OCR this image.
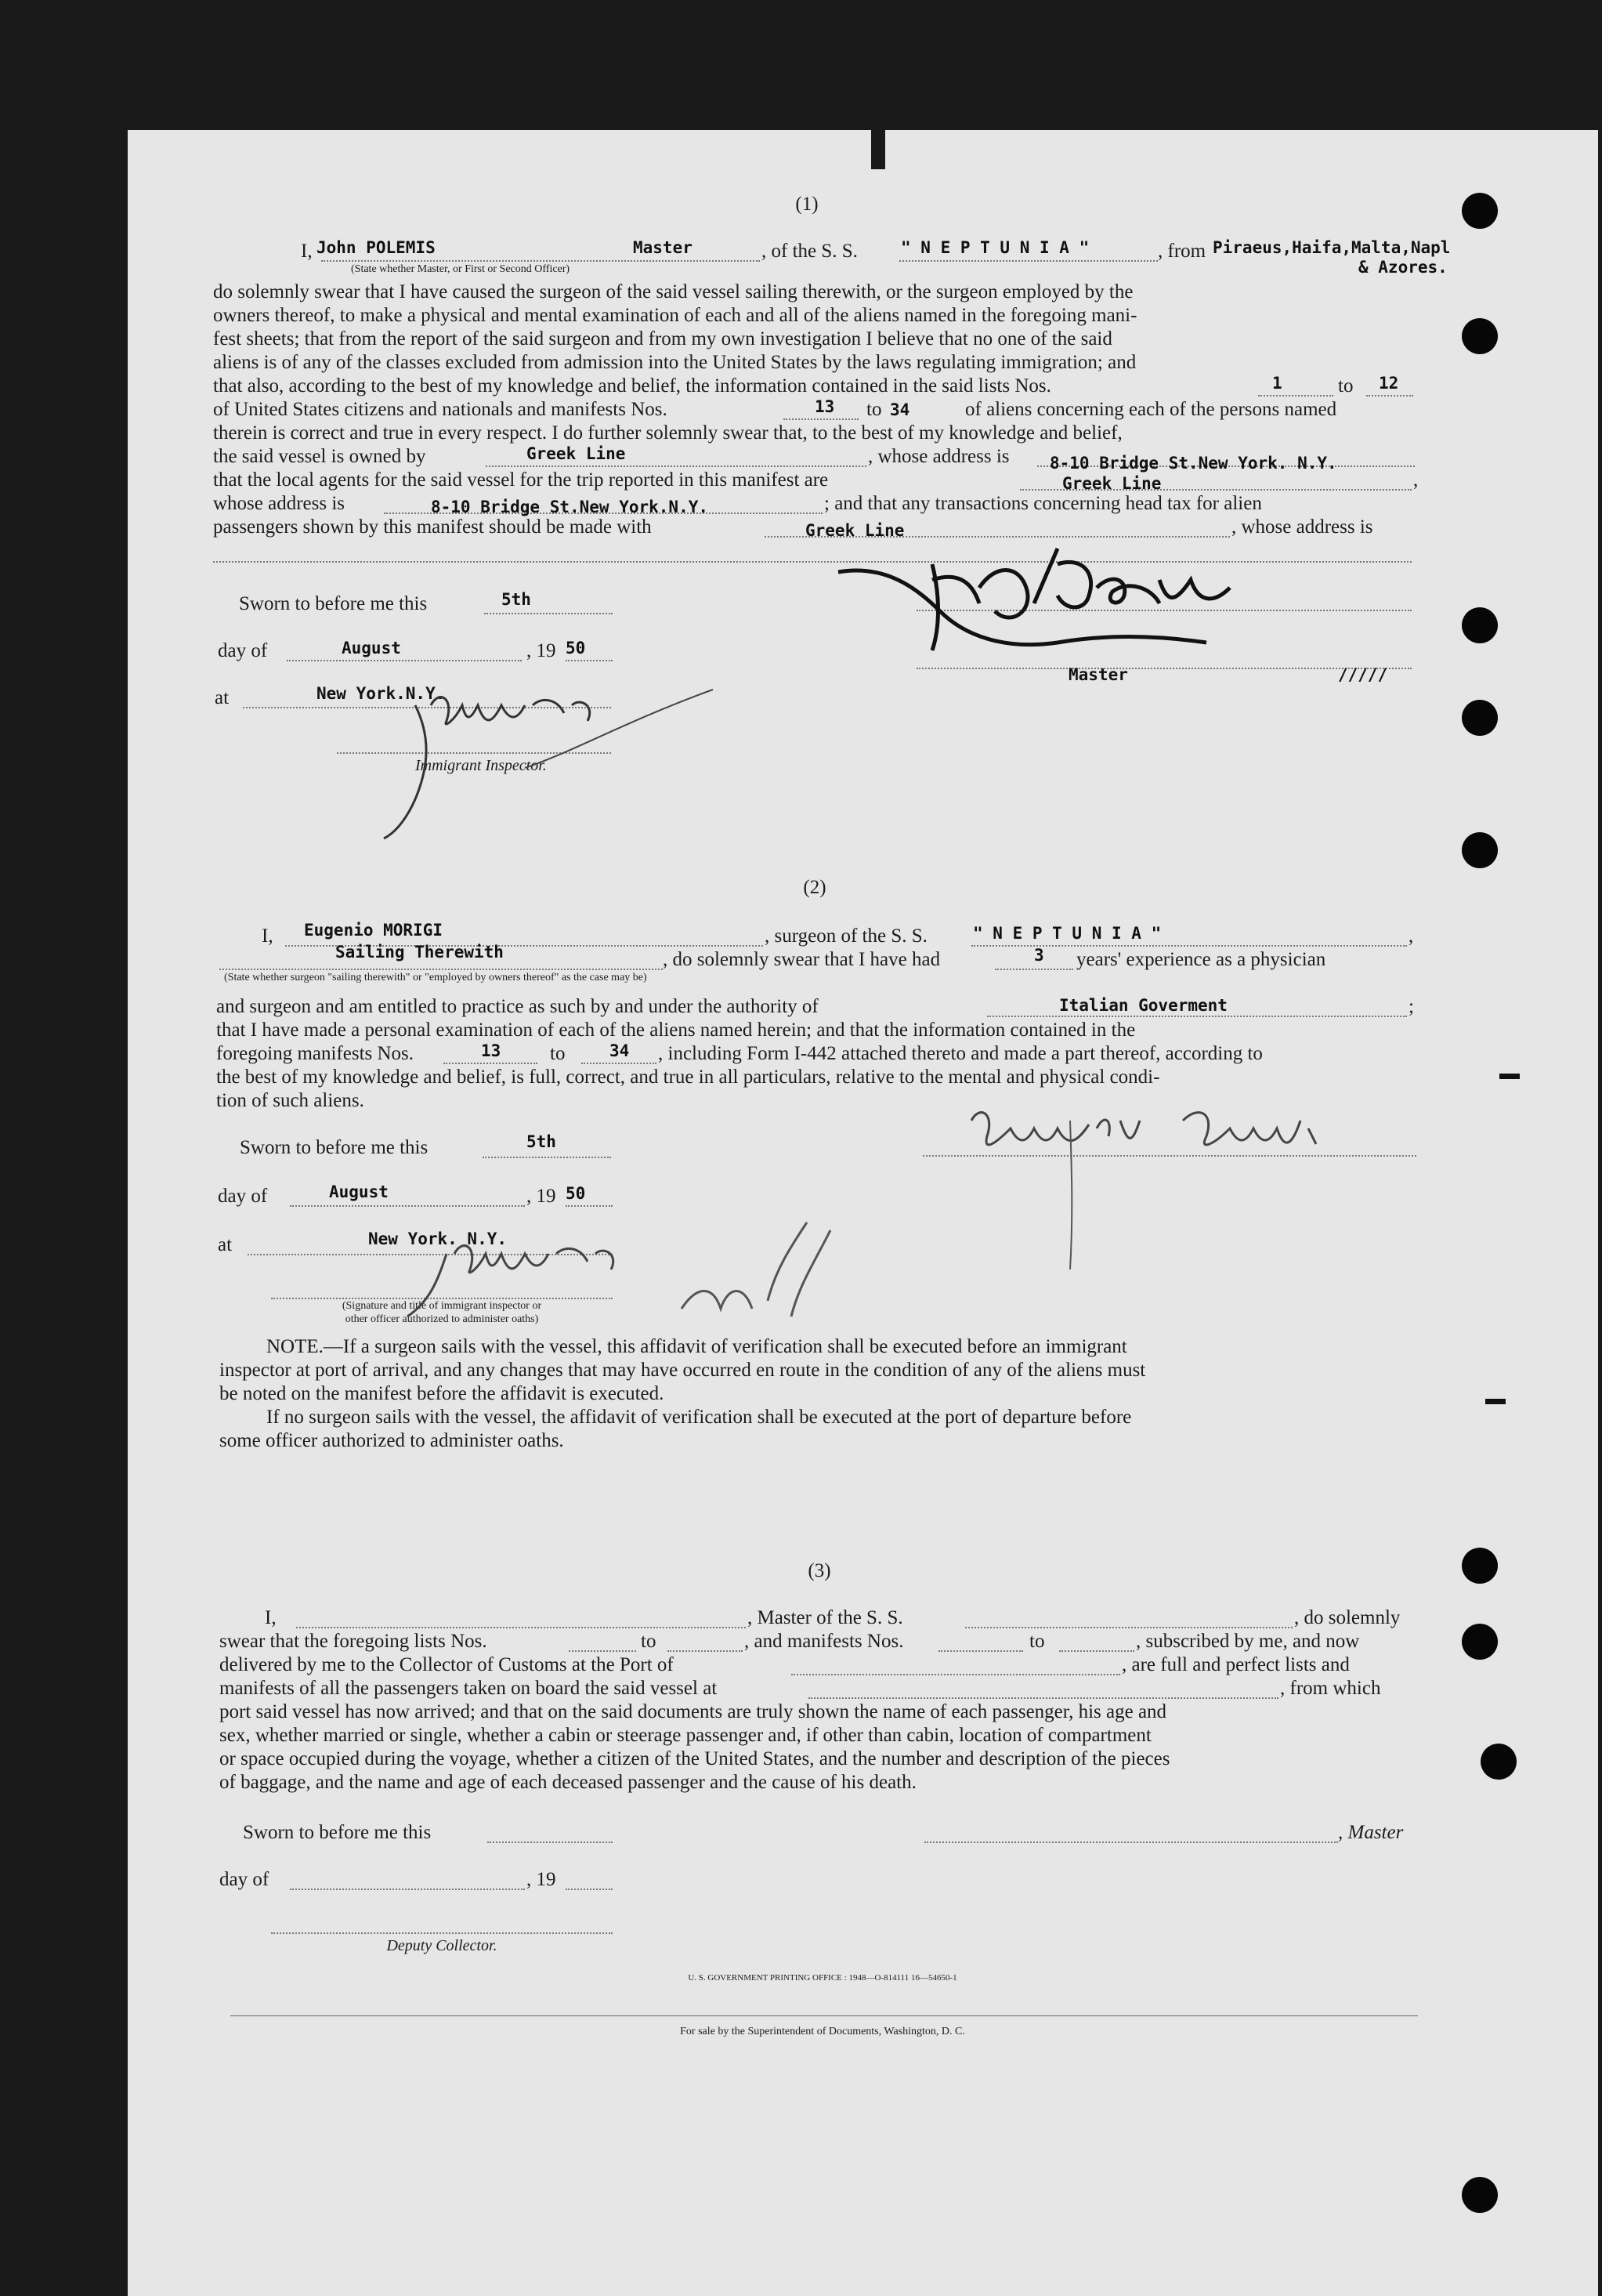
(1)
I, John POLEMIS	Master	, of the S. S.	" N E P T U N I A "	, from Piraeus,Haifa,Malta,Napl
& Azores.
(State whether Master, or First or Second Officer)
do solemnly swear that I have caused the surgeon of the said vessel sailing therewith, or the surgeon employed by the
owners thereof, to make a physical and mental examination of each and all of the aliens named in the foregoing mani-
fest sheets; that from the report of the said surgeon and from my own investigation I believe that no one of the said
aliens is of any of the classes excluded from admission into the United States by the laws regulating immigration; and
that also, according to the best of my knowledge and belief, the information contained in the said lists Nos.	1	to 12
of United States citizens and nationals and manifests Nos.	13 to 34	of aliens concerning each of the persons named
therein is correct and true in every respect. I do further solemnly swear that, to the best of my knowledge and belief,
the said vessel is owned by	Greek Line	, whose address is 8-10 Bridge St.New York. N.Y.
that the local agents for the said vessel for the trip reported in this manifest are	Greek Line	,
whose address is	8-10 Bridge St.New York.N.Y.	; and that any transactions concerning head tax for alien
passengers shown by this manifest should be made with	Greek Line	, whose address is
Sworn to before me this	5th
day of	August	, 19 50
at	New York.N.Y.
Immigrant Inspector.
Master	/////
(2)
I, Eugenio MORIGI	, surgeon of the S. S.	" N E P T U N I A "	,
Sailing Therewith	, do solemnly swear that I have had	3 years' experience as a physician
(State whether surgeon "sailing therewith" or "employed by owners thereof" as the case may be)
and surgeon and am entitled to practice as such by and under the authority of	Italian Goverment	;
that I have made a personal examination of each of the aliens named herein; and that the information contained in the
foregoing manifests Nos.	13	to	34 , including Form I-442 attached thereto and made a part thereof, according to
the best of my knowledge and belief, is full, correct, and true in all particulars, relative to the mental and physical condi-
tion of such aliens.
Sworn to before me this	5th
day of	August	, 19 50
at	New York. N.Y.
(Signature and title of immigrant inspector or
other officer authorized to administer oaths)
NOTE.—If a surgeon sails with the vessel, this affidavit of verification shall be executed before an immigrant
inspector at port of arrival, and any changes that may have occurred en route in the condition of any of the aliens must
be noted on the manifest before the affidavit is executed.
If no surgeon sails with the vessel, the affidavit of verification shall be executed at the port of departure before
some officer authorized to administer oaths.
(3)
I,	, Master of the S. S.	, do solemnly
swear that the foregoing lists Nos.	to	, and manifests Nos.	to	, subscribed by me, and now
delivered by me to the Collector of Customs at the Port of	, are full and perfect lists and
manifests of all the passengers taken on board the said vessel at	, from which
port said vessel has now arrived; and that on the said documents are truly shown the name of each passenger, his age and
sex, whether married or single, whether a cabin or steerage passenger and, if other than cabin, location of compartment
or space occupied during the voyage, whether a citizen of the United States, and the number and description of the pieces
of baggage, and the name and age of each deceased passenger and the cause of his death.
Sworn to before me this	, Master
day of	, 19
Deputy Collector.
U. S. GOVERNMENT PRINTING OFFICE : 1948—O-814111 16—54650-1
For sale by the Superintendent of Documents, Washington, D. C.
